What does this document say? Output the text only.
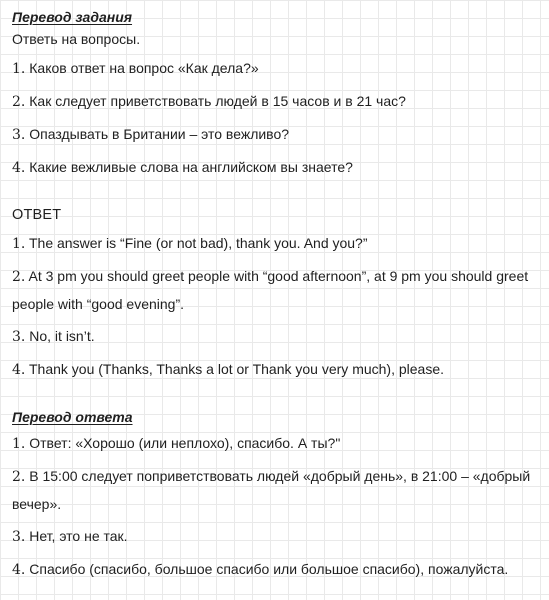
Перевод задания
Ответь на вопросы.
1. Каков ответ на вопрос «Как дела?»
2. Как следует приветствовать людей в 15 часов и в 21 час?
3. Опаздывать в Британии – это вежливо?
4. Какие вежливые слова на английском вы знаете?
ОТВЕТ
1. The answer is “Fine (or not bad), thank you. And you?”
2. At 3 pm you should greet people with “good afternoon”, at 9 pm you should greet people with “good evening”.
3. No, it isn’t.
4. Thank you (Thanks, Thanks a lot or Thank you very much), please.
Перевод ответа
1. Ответ: «Хорошо (или неплохо), спасибо. А ты?"
2. В 15:00 следует поприветствовать людей «добрый день», в 21:00 – «добрый вечер».
3. Нет, это не так.
4. Спасибо (спасибо, большое спасибо или большое спасибо), пожалуйста.
